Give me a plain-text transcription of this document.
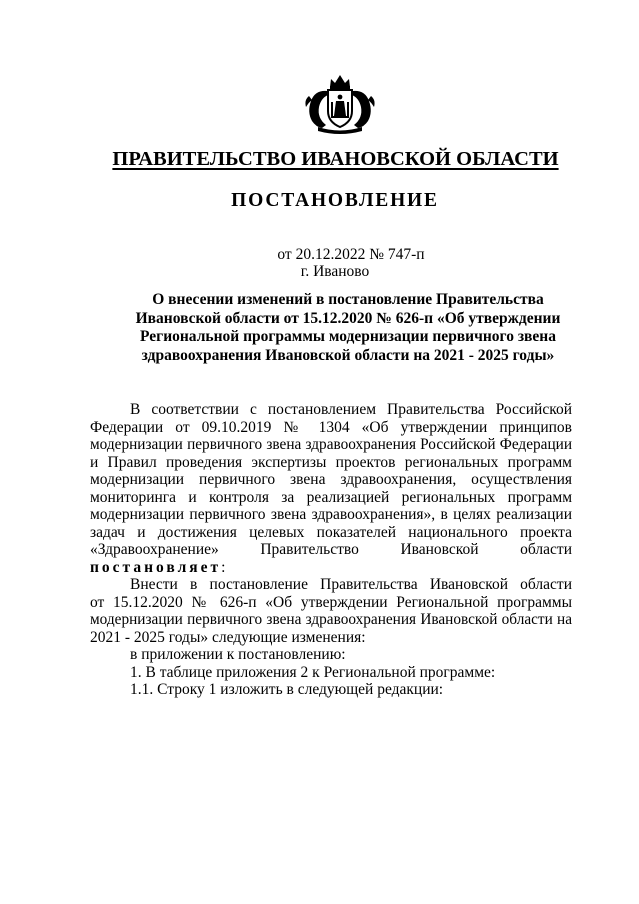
ПРАВИТЕЛЬСТВО ИВАНОВСКОЙ ОБЛАСТИ
ПОСТАНОВЛЕНИЕ
от 20.12.2022 № 747-п
г. Иваново
О внесении изменений в постановление Правительства
Ивановской области от 15.12.2020 № 626-п «Об утверждении
Региональной программы модернизации первичного звена
здравоохранения Ивановской области на 2021 - 2025 годы»
В соответствии с постановлением Правительства Российской
Федерации от 09.10.2019 № 1304 «Об утверждении принципов
модернизации первичного звена здравоохранения Российской Федерации
и Правил проведения экспертизы проектов региональных программ
модернизации первичного звена здравоохранения, осуществления
мониторинга и контроля за реализацией региональных программ
модернизации первичного звена здравоохранения», в целях реализации
задач и достижения целевых показателей национального проекта
«Здравоохранение» Правительство Ивановской области
постановляет:
Внести в постановление Правительства Ивановской области
от 15.12.2020 № 626-п «Об утверждении Региональной программы
модернизации первичного звена здравоохранения Ивановской области на
2021 - 2025 годы» следующие изменения:
в приложении к постановлению:
1. В таблице приложения 2 к Региональной программе:
1.1. Строку 1 изложить в следующей редакции:
